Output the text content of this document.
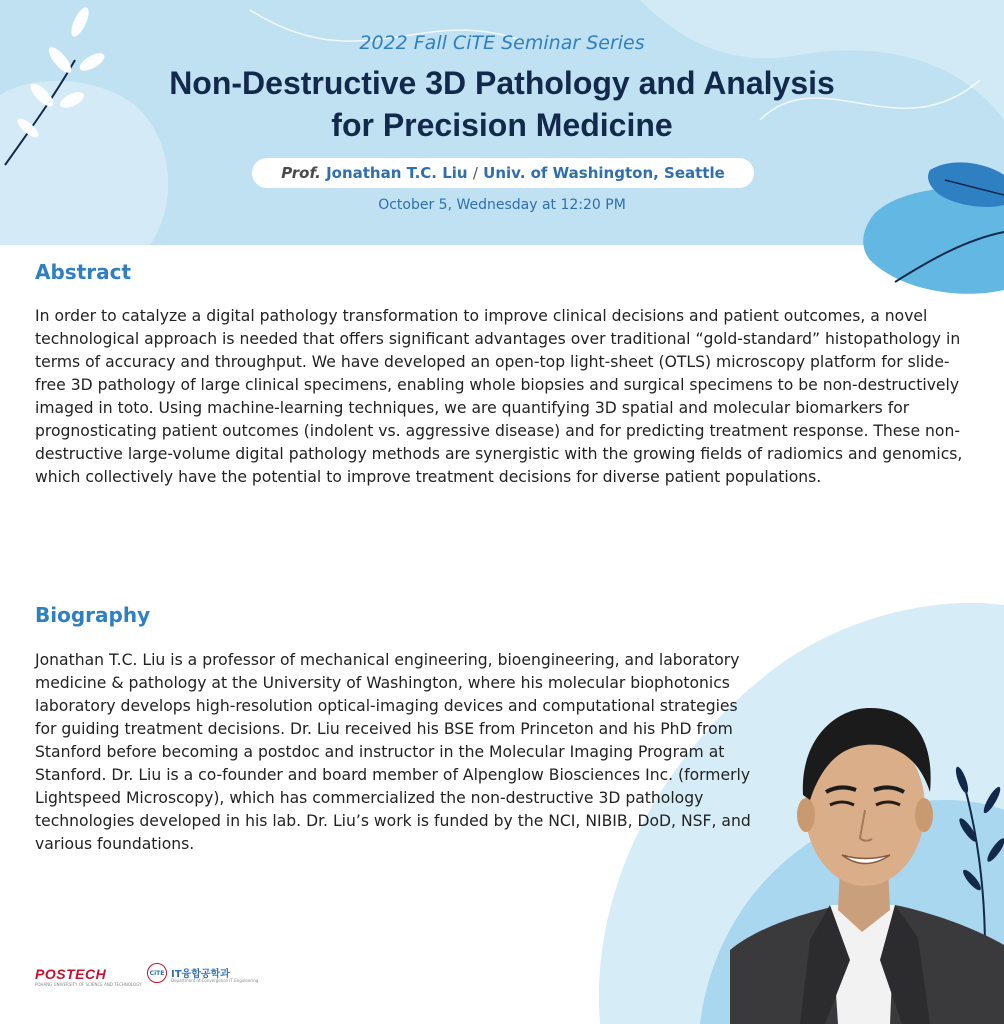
2022 Fall CiTE Seminar Series
Non-Destructive 3D Pathology and Analysis
for Precision Medicine
Prof. Jonathan T.C. Liu / Univ. of Washington, Seattle
October 5, Wednesday at 12:20 PM
Abstract
In order to catalyze a digital pathology transformation to improve clinical decisions and patient outcomes, a novel technological approach is needed that offers significant advantages over traditional “gold-standard” histopathology in terms of accuracy and throughput. We have developed an open-top light-sheet (OTLS) microscopy platform for slide-free 3D pathology of large clinical specimens, enabling whole biopsies and surgical specimens to be non-destructively imaged in toto. Using machine-learning techniques, we are quantifying 3D spatial and molecular biomarkers for prognosticating patient outcomes (indolent vs. aggressive disease) and for predicting treatment response. These non-destructive large-volume digital pathology methods are synergistic with the growing fields of radiomics and genomics, which collectively have the potential to improve treatment decisions for diverse patient populations.
Biography
Jonathan T.C. Liu is a professor of mechanical engineering, bioengineering, and laboratory medicine & pathology at the University of Washington, where his molecular biophotonics laboratory develops high-resolution optical-imaging devices and computational strategies for guiding treatment decisions. Dr. Liu received his BSE from Princeton and his PhD from Stanford before becoming a postdoc and instructor in the Molecular Imaging Program at Stanford. Dr. Liu is a co-founder and board member of Alpenglow Biosciences Inc. (formerly Lightspeed Microscopy), which has commercialized the non-destructive 3D pathology technologies developed in his lab. Dr. Liu’s work is funded by the NCI, NIBIB, DoD, NSF, and various foundations.
POSTECH
POHANG UNIVERSITY OF SCIENCE AND TECHNOLOGY
CiTE IT융합공학과
Department of Convergence IT Engineering
